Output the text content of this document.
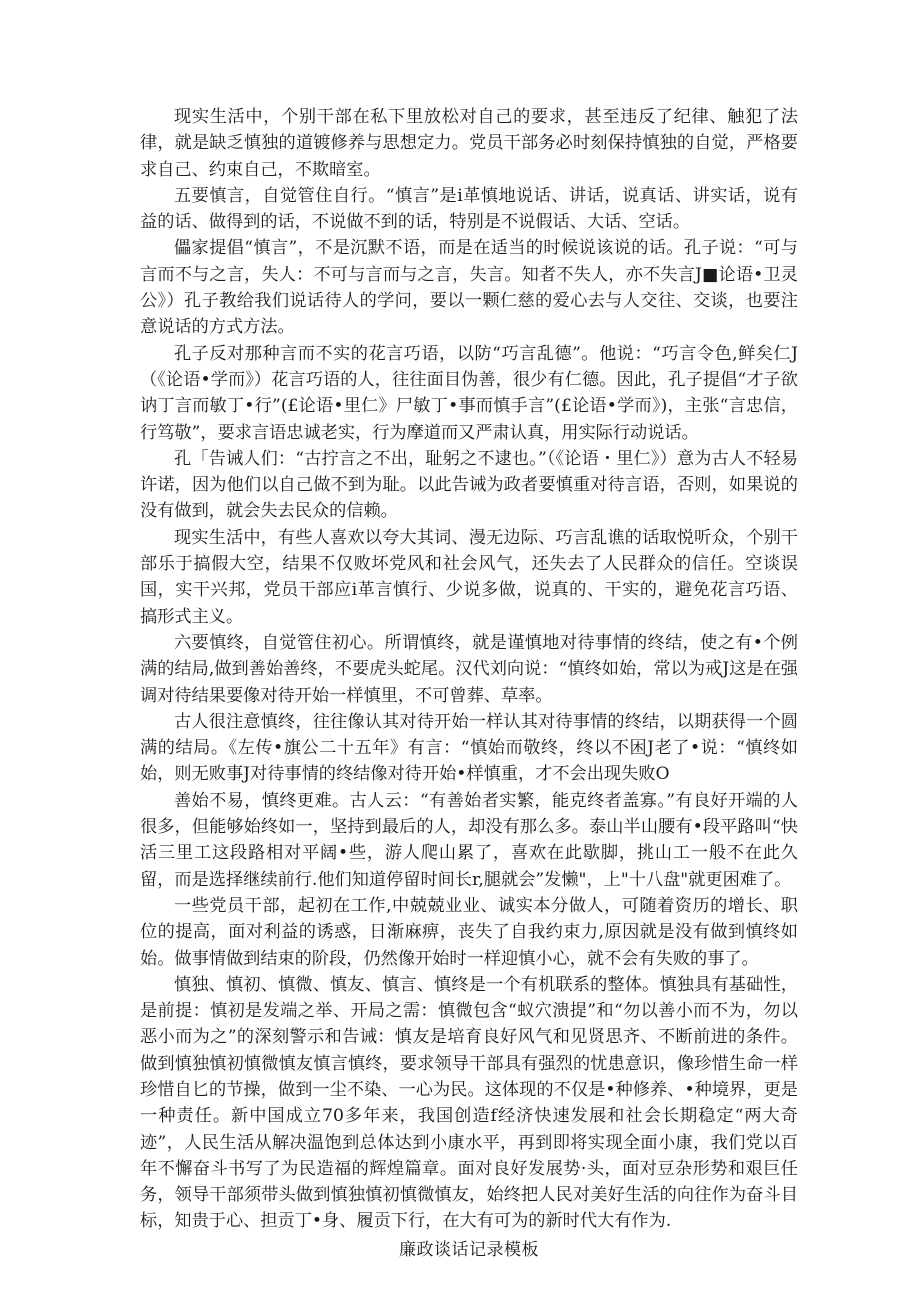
现实生活中，个别干部在私下里放松对自己的要求，甚至违反了纪律、触犯了法律，就是缺乏慎独的道镀修养与思想定力。党员干部务必时刻保持慎独的自觉，严格要求自己、约束自己，不欺暗室。

五要慎言，自觉管住自行。“慎言”是i革慎地说话、讲话，说真话、讲实话，说有益的话、做得到的话，不说做不到的话，特别是不说假话、大话、空话。

儡家提倡“慎言”，不是沉默不语，而是在适当的时候说该说的话。孔子说：“可与言而不与之言，失人：不可与言而与之言，失言。知者不失人，亦不失言J■论语•卫灵公》）孔子教给我们说话待人的学问，要以一颗仁慈的爱心去与人交往、交谈，也要注意说话的方式方法。

孔子反对那种言而不实的花言巧语，以防“巧言乱德”。他说：“巧言令色,鲜矣仁J（《论语•学而》）花言巧语的人，往往面目伪善，很少有仁德。因此，孔子提倡“才子欲讷丁言而敏丁•行”(£论语•里仁》尸敏丁•事而慎手言”(£论语•学而》)，主张“言忠信，行笃敬”，要求言语忠诚老实，行为摩道而又严肃认真，用实际行动说话。

孔「告诫人们：“古拧言之不出，耻躬之不逮也。”（《论语・里仁》）意为古人不轻易许诺，因为他们以自己做不到为耻。以此告诫为政者要慎重对待言语，否则，如果说的没有做到，就会失去民众的信赖。

现实生活中，有些人喜欢以夸大其词、漫无边际、巧言乱谯的话取悦听众，个别干部乐于搞假大空，结果不仅败坏党风和社会风气，还失去了人民群众的信任。空谈误国，实干兴邦，党员干部应i革言慎行、少说多做，说真的、干实的，避免花言巧语、搞形式主义。

六要慎终，自觉管住初心。所谓慎终，就是谨慎地对待事情的终结，使之有•个例满的结局,做到善始善终，不要虎头蛇尾。汉代刘向说：“慎终如始，常以为戒J这是在强调对待结果要像对待开始一样慎里，不可曾葬、草率。

古人很注意慎终，往往像认其对待开始一样认其对待事情的终结，以期获得一个圆满的结局。《左传•旗公二十五年》有言：“慎始而敬终，终以不困J老了•说：“慎终如始，则无败事J对待事情的终结像对待开始•样慎重，才不会出现失败O

善始不易，慎终更难。古人云：“有善始者实繁，能克终者盖寡。”有良好开端的人很多，但能够始终如一，坚持到最后的人，却没有那么多。泰山半山腰有•段平路叫“快活三里工这段路相对平阔•些，游人爬山累了，喜欢在此歇脚，挑山工一般不在此久留，而是选择继续前行.他们知道停留时间长r,腿就会”发懒"，上"十八盘"就更困难了。

一些党员干部，起初在工作,中兢兢业业、诚实本分做人，可随着资历的增长、职位的提高，面对利益的诱惑，日渐麻痹，丧失了自我约束力,原因就是没有做到慎终如始。做事情做到结束的阶段，仍然像开始时一样迎慎小心，就不会有失败的事了。

慎独、慎初、慎微、慎友、慎言、慎终是一个有机联系的整体。慎独具有基础性，是前提：慎初是发端之举、开局之需：慎微包含“蚁穴溃提”和“勿以善小而不为，勿以恶小而为之”的深刻警示和告诫：慎友是培育良好风气和见贤思齐、不断前进的条件。做到慎独慎初慎微慎友慎言慎终，要求领导干部具有强烈的忧患意识，像珍惜生命一样珍惜自匕的节操，做到一尘不染、一心为民。这体现的不仅是•种修养、•种境界，更是一种责任。新中国成立70多年来，我国创造f经济快速发展和社会长期稳定“两大奇迹”，人民生活从解决温饱到总体达到小康水平，再到即将实现全面小康，我们党以百年不懈奋斗书写了为民造福的辉煌篇章。面对良好发展势·头，面对豆杂形势和艰巨任务，领导干部须带头做到慎独慎初慎微慎友，始终把人民对美好生活的向往作为奋斗目标，知贵于心、担贡丁•身、履贡下行，在大有可为的新时代大有作为.

廉政谈话记录模板
